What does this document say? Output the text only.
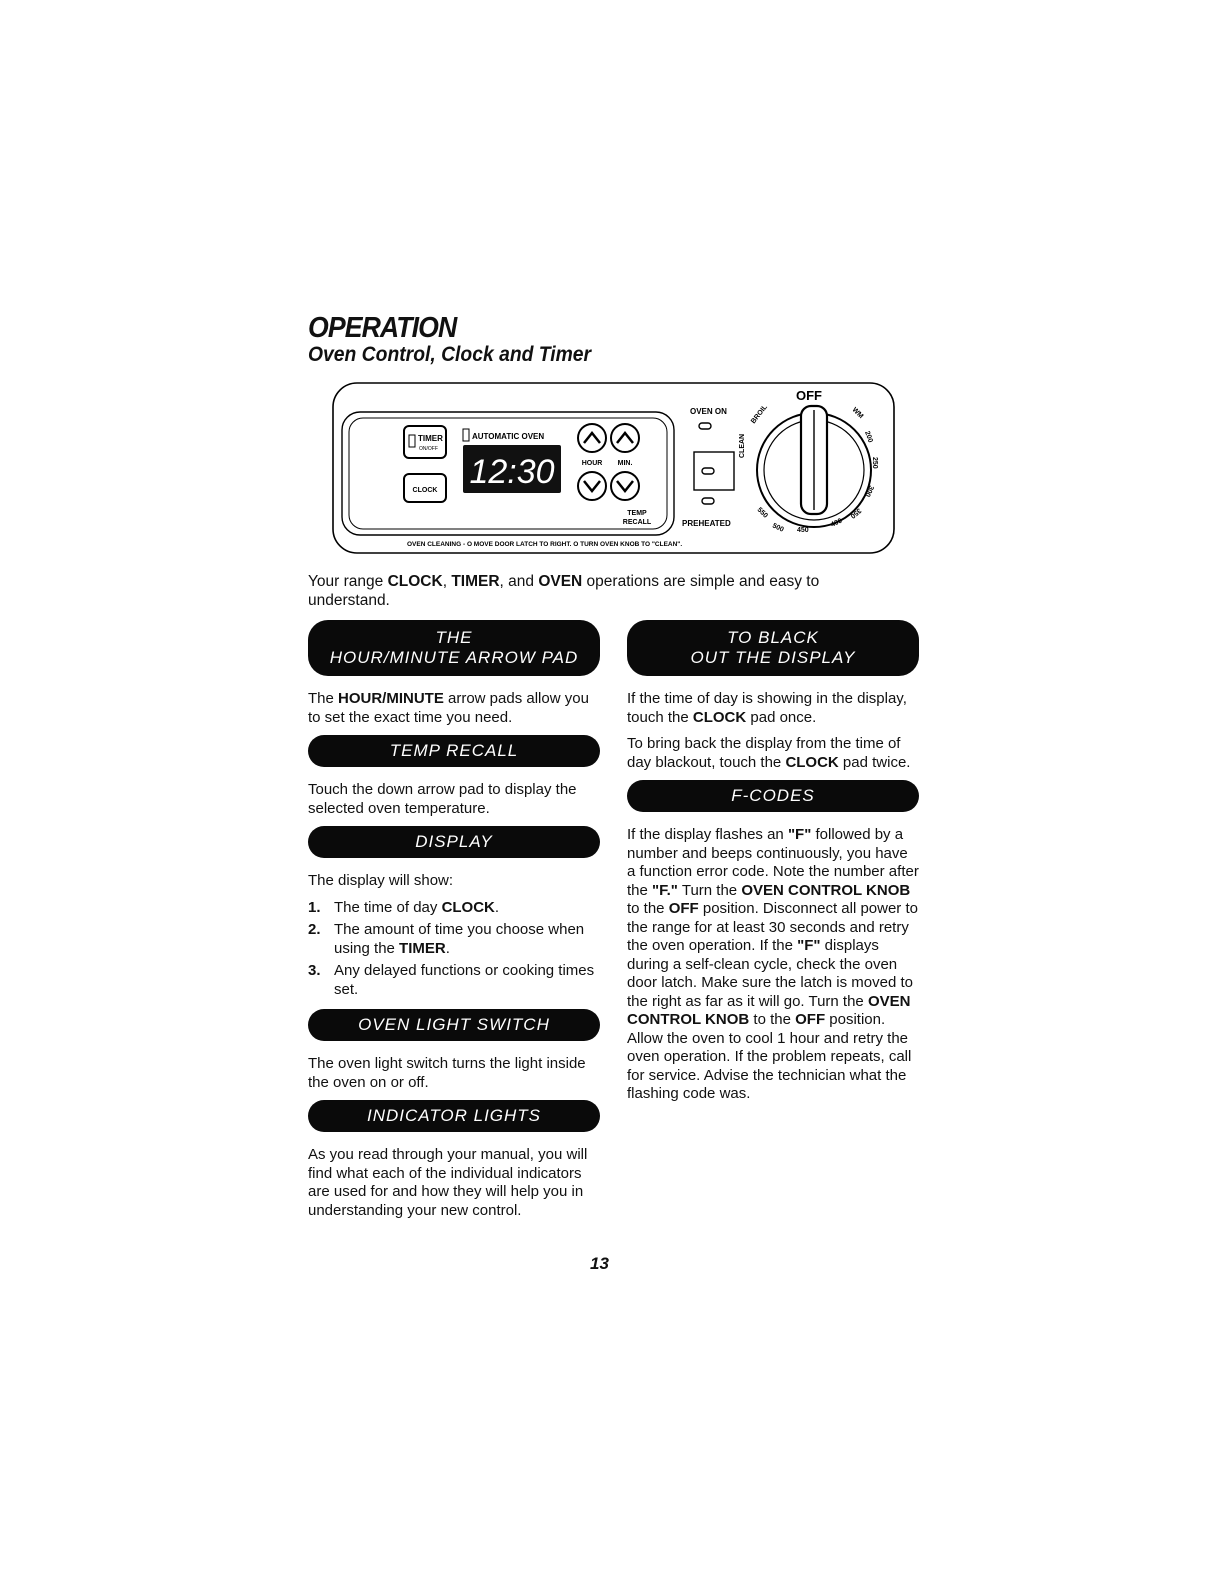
OPERATION
Oven Control, Clock and Timer
TIMER
ON/OFF
CLOCK
AUTOMATIC OVEN
12:30	HOUR MIN.
TEMP
RECALL
OVEN ON
PREHEATED
OFF
CLEAN
BROIL	WM
200
250
300
350
400
450
500
550
OVEN CLEANING - O MOVE DOOR LATCH TO RIGHT. O TURN OVEN KNOB TO "CLEAN".
Your range CLOCK, TIMER, and OVEN operations are simple and easy to understand.
THE
HOUR/MINUTE ARROW PAD

The HOUR/MINUTE arrow pads allow you to set the exact time you need.

TEMP RECALL

Touch the down arrow pad to display the selected oven temperature.

DISPLAY

The display will show:

1. The time of day CLOCK.
2. The amount of time you choose when using the TIMER.
3. Any delayed functions or cooking times set.
OVEN LIGHT SWITCH

The oven light switch turns the light inside the oven on or off.

INDICATOR LIGHTS

As you read through your manual, you will find what each of the individual indicators are used for and how they will help you in understanding your new control.

TO BLACK
OUT THE DISPLAY

If the time of day is showing in the display, touch the CLOCK pad once.

To bring back the display from the time of day blackout, touch the CLOCK pad twice.

F-CODES

If the display flashes an "F" followed by a number and beeps continuously, you have a function error code. Note the number after the "F." Turn the OVEN CONTROL KNOB to the OFF position. Disconnect all power to the range for at least 30 seconds and retry the oven operation. If the "F" displays during a self-clean cycle, check the oven door latch. Make sure the latch is moved to the right as far as it will go. Turn the OVEN CONTROL KNOB to the OFF position. Allow the oven to cool 1 hour and retry the oven operation. If the problem repeats, call for service. Advise the technician what the flashing code was.

13
